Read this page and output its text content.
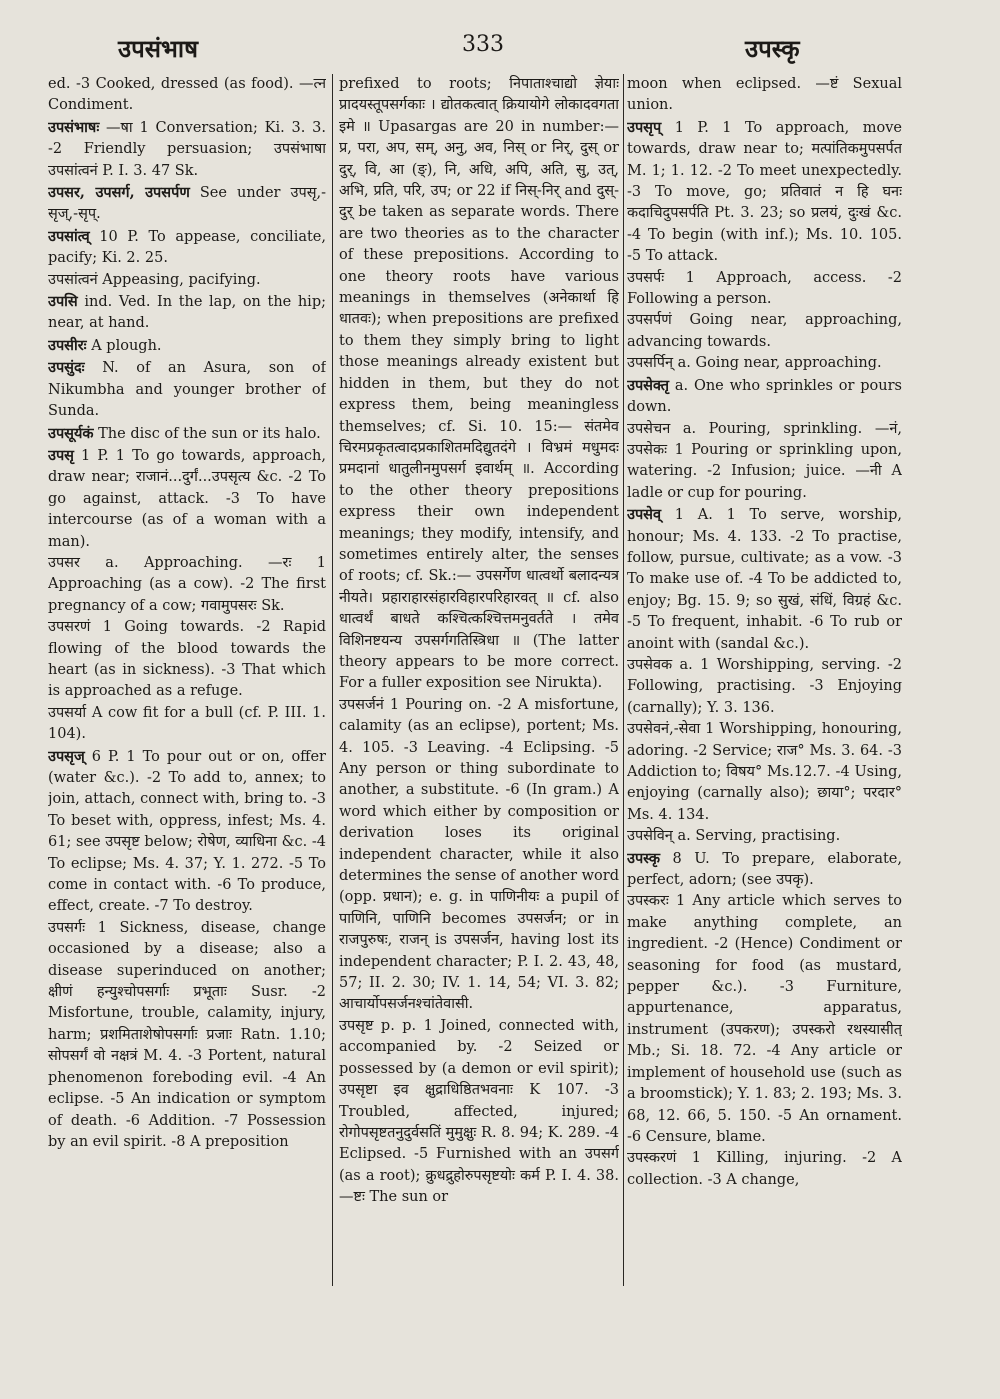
उपसंभाष	333	उपस्कृ
ed. -3 Cooked, dressed (as food). —त्न Condiment.
उपसंभाषः —षा 1 Conversation; Ki. 3. 3. -2 Friendly persuasion; उपसंभाषा उपसांत्वनं P. I. 3. 47 Sk.
उपसर, उपसर्ग, उपसर्पण See under उपसृ,-सृज्,-सृप्.
उपसांत्व् 10 P. To appease, conciliate, pacify; Ki. 2. 25.
उपसांत्वनं Appeasing, pacifying.
उपसि ind. Ved. In the lap, on the hip; near, at hand.
उपसीरः A plough.
उपसुंदः N. of an Asura, son of Nikumbha and younger brother of Sunda.
उपसूर्यकं The disc of the sun or its halo.
उपसृ 1 P. 1 To go towards, approach, draw near; राजानं...दुर्गं...उपसृत्य &c. -2 To go against, attack. -3 To have intercourse (as of a woman with a man).
उपसर a. Approaching. —रः 1 Approaching (as a cow). -2 The first pregnancy of a cow; गवामुपसरः Sk.
उपसरणं 1 Going towards. -2 Rapid flowing of the blood towards the heart (as in sickness). -3 That which is approached as a refuge.
उपसर्या A cow fit for a bull (cf. P. III. 1. 104).
उपसृज् 6 P. 1 To pour out or on, offer (water &c.). -2 To add to, annex; to join, attach, connect with, bring to. -3 To beset with, oppress, infest; Ms. 4. 61; see उपसृष्ट below; रोषेण, व्याधिना &c. -4 To eclipse; Ms. 4. 37; Y. 1. 272. -5 To come in contact with. -6 To produce, effect, create. -7 To destroy.
उपसर्गः 1 Sickness, disease, change occasioned by a disease; also a disease superinduced on another; क्षीणं हन्युश्चोपसर्गाः प्रभूताः Susr. -2 Misfortune, trouble, calamity, injury, harm; प्रशमिताशेषोपसर्गाः प्रजाः Ratn. 1.10; सोपसर्गं वो नक्षत्रं M. 4. -3 Portent, natural phenomenon foreboding evil. -4 An eclipse. -5 An indication or symptom of death. -6 Addition. -7 Possession by an evil spirit. -8 A preposition
prefixed to roots; निपाताश्चाद्यो ज्ञेयाः प्रादयस्तूपसर्गकाः । द्योतकत्वात् क्रियायोगे लोकादवगता इमे ॥ Upasargas are 20 in number:— प्र, परा, अप, सम्, अनु, अव, निस् or निर्, दुस् or दुर्, वि, आ (ङ्), नि, अधि, अपि, अति, सु, उत्, अभि, प्रति, परि, उप; or 22 if निस्-निर् and दुस्-दुर् be taken as separate words. There are two theories as to the character of these prepositions. According to one theory roots have various meanings in themselves (अनेकार्था हि धातवः); when prepositions are prefixed to them they simply bring to light those meanings already existent but hidden in them, but they do not express them, being meaningless themselves; cf. Si. 10. 15:— संतमेव चिरमप्रकृतत्वादप्रकाशितमदिद्युतदंगे । विभ्रमं मधुमदः प्रमदानां धातुलीनमुपसर्ग इवार्थम् ॥. According to the other theory prepositions express their own independent meanings; they modify, intensify, and sometimes entirely alter, the senses of roots; cf. Sk.:— उपसर्गेण धात्वर्थो बलादन्यत्र नीयते। प्रहाराहारसंहारविहारपरिहारवत् ॥ cf. also धात्वर्थं बाधते कश्चित्कश्चित्तमनुवर्तते । तमेव विशिनष्टयन्य उपसर्गगतिस्त्रिधा ॥ (The latter theory appears to be more correct. For a fuller exposition see Nirukta).
उपसर्जनं 1 Pouring on. -2 A misfortune, calamity (as an eclipse), portent; Ms. 4. 105. -3 Leaving. -4 Eclipsing. -5 Any person or thing subordinate to another, a substitute. -6 (In gram.) A word which either by composition or derivation loses its original independent character, while it also determines the sense of another word (opp. प्रधान); e. g. in पाणिनीयः a pupil of पाणिनि, पाणिनि becomes उपसर्जन; or in राजपुरुषः, राजन् is उपसर्जन, having lost its independent character; P. I. 2. 43, 48, 57; II. 2. 30; IV. 1. 14, 54; VI. 3. 82; आचार्योपसर्जनश्चांतेवासी.
उपसृष्ट p. p. 1 Joined, connected with, accompanied by. -2 Seized or possessed by (a demon or evil spirit); उपसृष्टा इव क्षुद्राधिष्ठितभवनाः K 107. -3 Troubled, affected, injured; रोगोपसृष्टतनुदुर्वसतिं मुमुक्षुः R. 8. 94; K. 289. -4 Eclipsed. -5 Furnished with an उपसर्ग (as a root); क्रुधद्रुहोरुपसृष्टयोः कर्म P. I. 4. 38. —ष्टः The sun or
moon when eclipsed. —ष्टं Sexual union.
उपसृप् 1 P. 1 To approach, move towards, draw near to; मत्पांतिकमुपसर्पत M. 1; 1. 12. -2 To meet unexpectedly. -3 To move, go; प्रतिवातं न हि घनः कदाचिदुपसर्पति Pt. 3. 23; so प्रलयं, दुःखं &c. -4 To begin (with inf.); Ms. 10. 105. -5 To attack.
उपसर्पः 1 Approach, access. -2 Following a person.
उपसर्पणं Going near, approaching, advancing towards.
उपसर्पिन् a. Going near, approaching.
उपसेक्तृ a. One who sprinkles or pours down.
उपसेचन a. Pouring, sprinkling. —नं, उपसेकः 1 Pouring or sprinkling upon, watering. -2 Infusion; juice. —नी A ladle or cup for pouring.
उपसेव् 1 A. 1 To serve, worship, honour; Ms. 4. 133. -2 To practise, follow, pursue, cultivate; as a vow. -3 To make use of. -4 To be addicted to, enjoy; Bg. 15. 9; so सुखं, संधिं, विग्रहं &c. -5 To frequent, inhabit. -6 To rub or anoint with (sandal &c.).
उपसेवक a. 1 Worshipping, serving. -2 Following, practising. -3 Enjoying (carnally); Y. 3. 136.
उपसेवनं,-सेवा 1 Worshipping, honouring, adoring. -2 Service; राज° Ms. 3. 64. -3 Addiction to; विषय° Ms.12.7. -4 Using, enjoying (carnally also); छाया°; परदार° Ms. 4. 134.
उपसेविन् a. Serving, practising.
उपस्कृ 8 U. To prepare, elaborate, perfect, adorn; (see उपकृ).
उपस्करः 1 Any article which serves to make anything complete, an ingredient. -2 (Hence) Condiment or seasoning for food (as mustard, pepper &c.). -3 Furniture, appurtenance, apparatus, instrument (उपकरण); उपस्करो रथस्यासीत् Mb.; Si. 18. 72. -4 Any article or implement of household use (such as a broomstick); Y. 1. 83; 2. 193; Ms. 3. 68, 12. 66, 5. 150. -5 An ornament. -6 Censure, blame.
उपस्करणं 1 Killing, injuring. -2 A collection. -3 A change,
